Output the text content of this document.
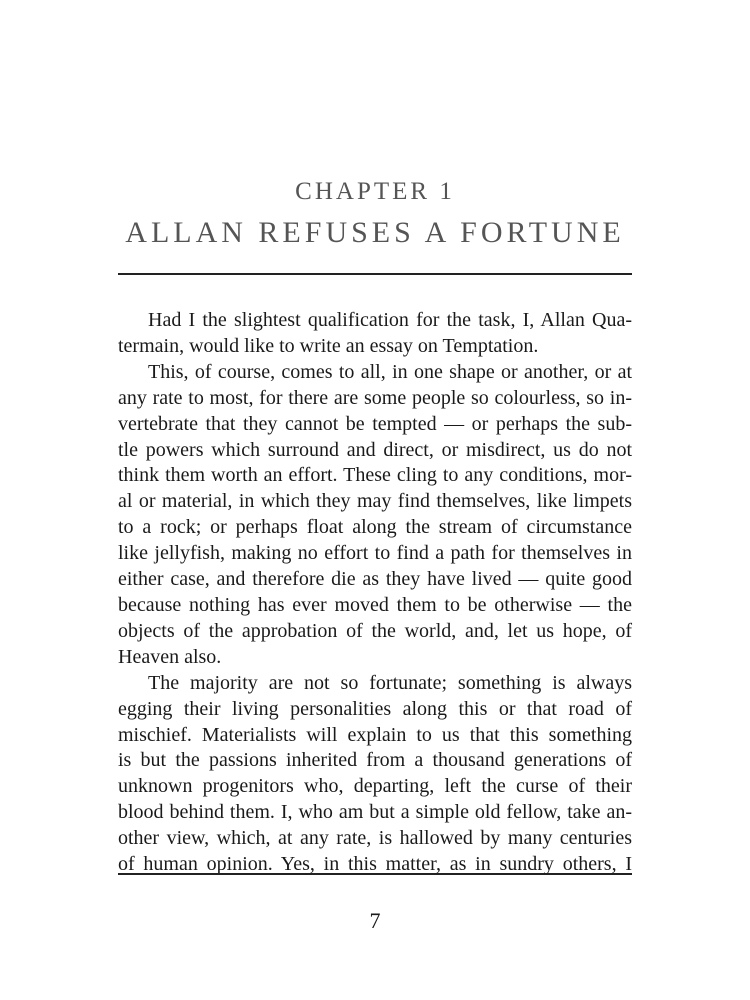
CHAPTER 1
ALLAN REFUSES A FORTUNE
Had I the slightest qualification for the task, I, Allan Qua-
termain, would like to write an essay on Temptation.
This, of course, comes to all, in one shape or another, or at
any rate to most, for there are some people so colourless, so in-
vertebrate that they cannot be tempted — or perhaps the sub-
tle powers which surround and direct, or misdirect, us do not
think them worth an effort. These cling to any conditions, mor-
al or material, in which they may find themselves, like limpets
to a rock; or perhaps float along the stream of circumstance
like jellyfish, making no effort to find a path for themselves in
either case, and therefore die as they have lived — quite good
because nothing has ever moved them to be otherwise — the
objects of the approbation of the world, and, let us hope, of
Heaven also.
The majority are not so fortunate; something is always
egging their living personalities along this or that road of
mischief. Materialists will explain to us that this something
is but the passions inherited from a thousand generations of
unknown progenitors who, departing, left the curse of their
blood behind them. I, who am but a simple old fellow, take an-
other view, which, at any rate, is hallowed by many centuries
of human opinion. Yes, in this matter, as in sundry others, I
7
